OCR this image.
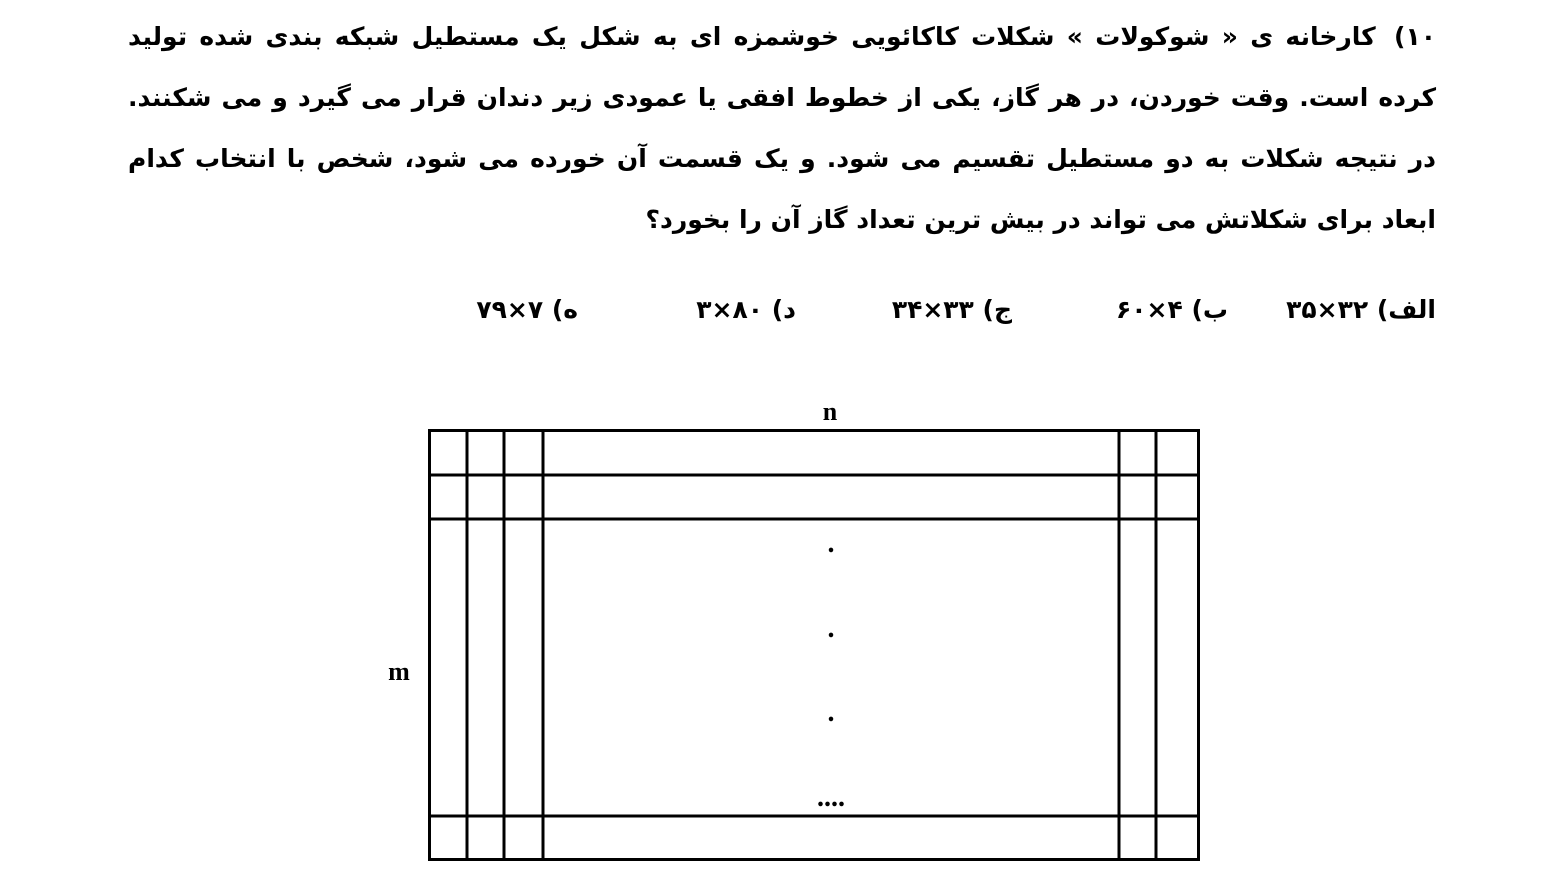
۱۰) کارخانه ی « شوکولات » شکلات کاکائویی خوشمزه ای به شکل یک مستطیل شبکه بندی شده تولید کرده است. وقت خوردن، در هر گاز، یکی از خطوط افقی یا عمودی زیر دندان قرار می گیرد و می شکنند. در نتیجه شکلات به دو مستطیل تقسیم می شود. و یک قسمت آن خورده می شود، شخص با انتخاب کدام ابعاد برای شکلاتش می تواند در بیش ترین تعداد گاز آن را بخورد؟
الف) ۳۲×۳۵
ب) ۴×۶۰
ج) ۳۳×۳۴
د) ۸۰×۳
ه) ۷×۷۹
n
m
.
.
.
....
